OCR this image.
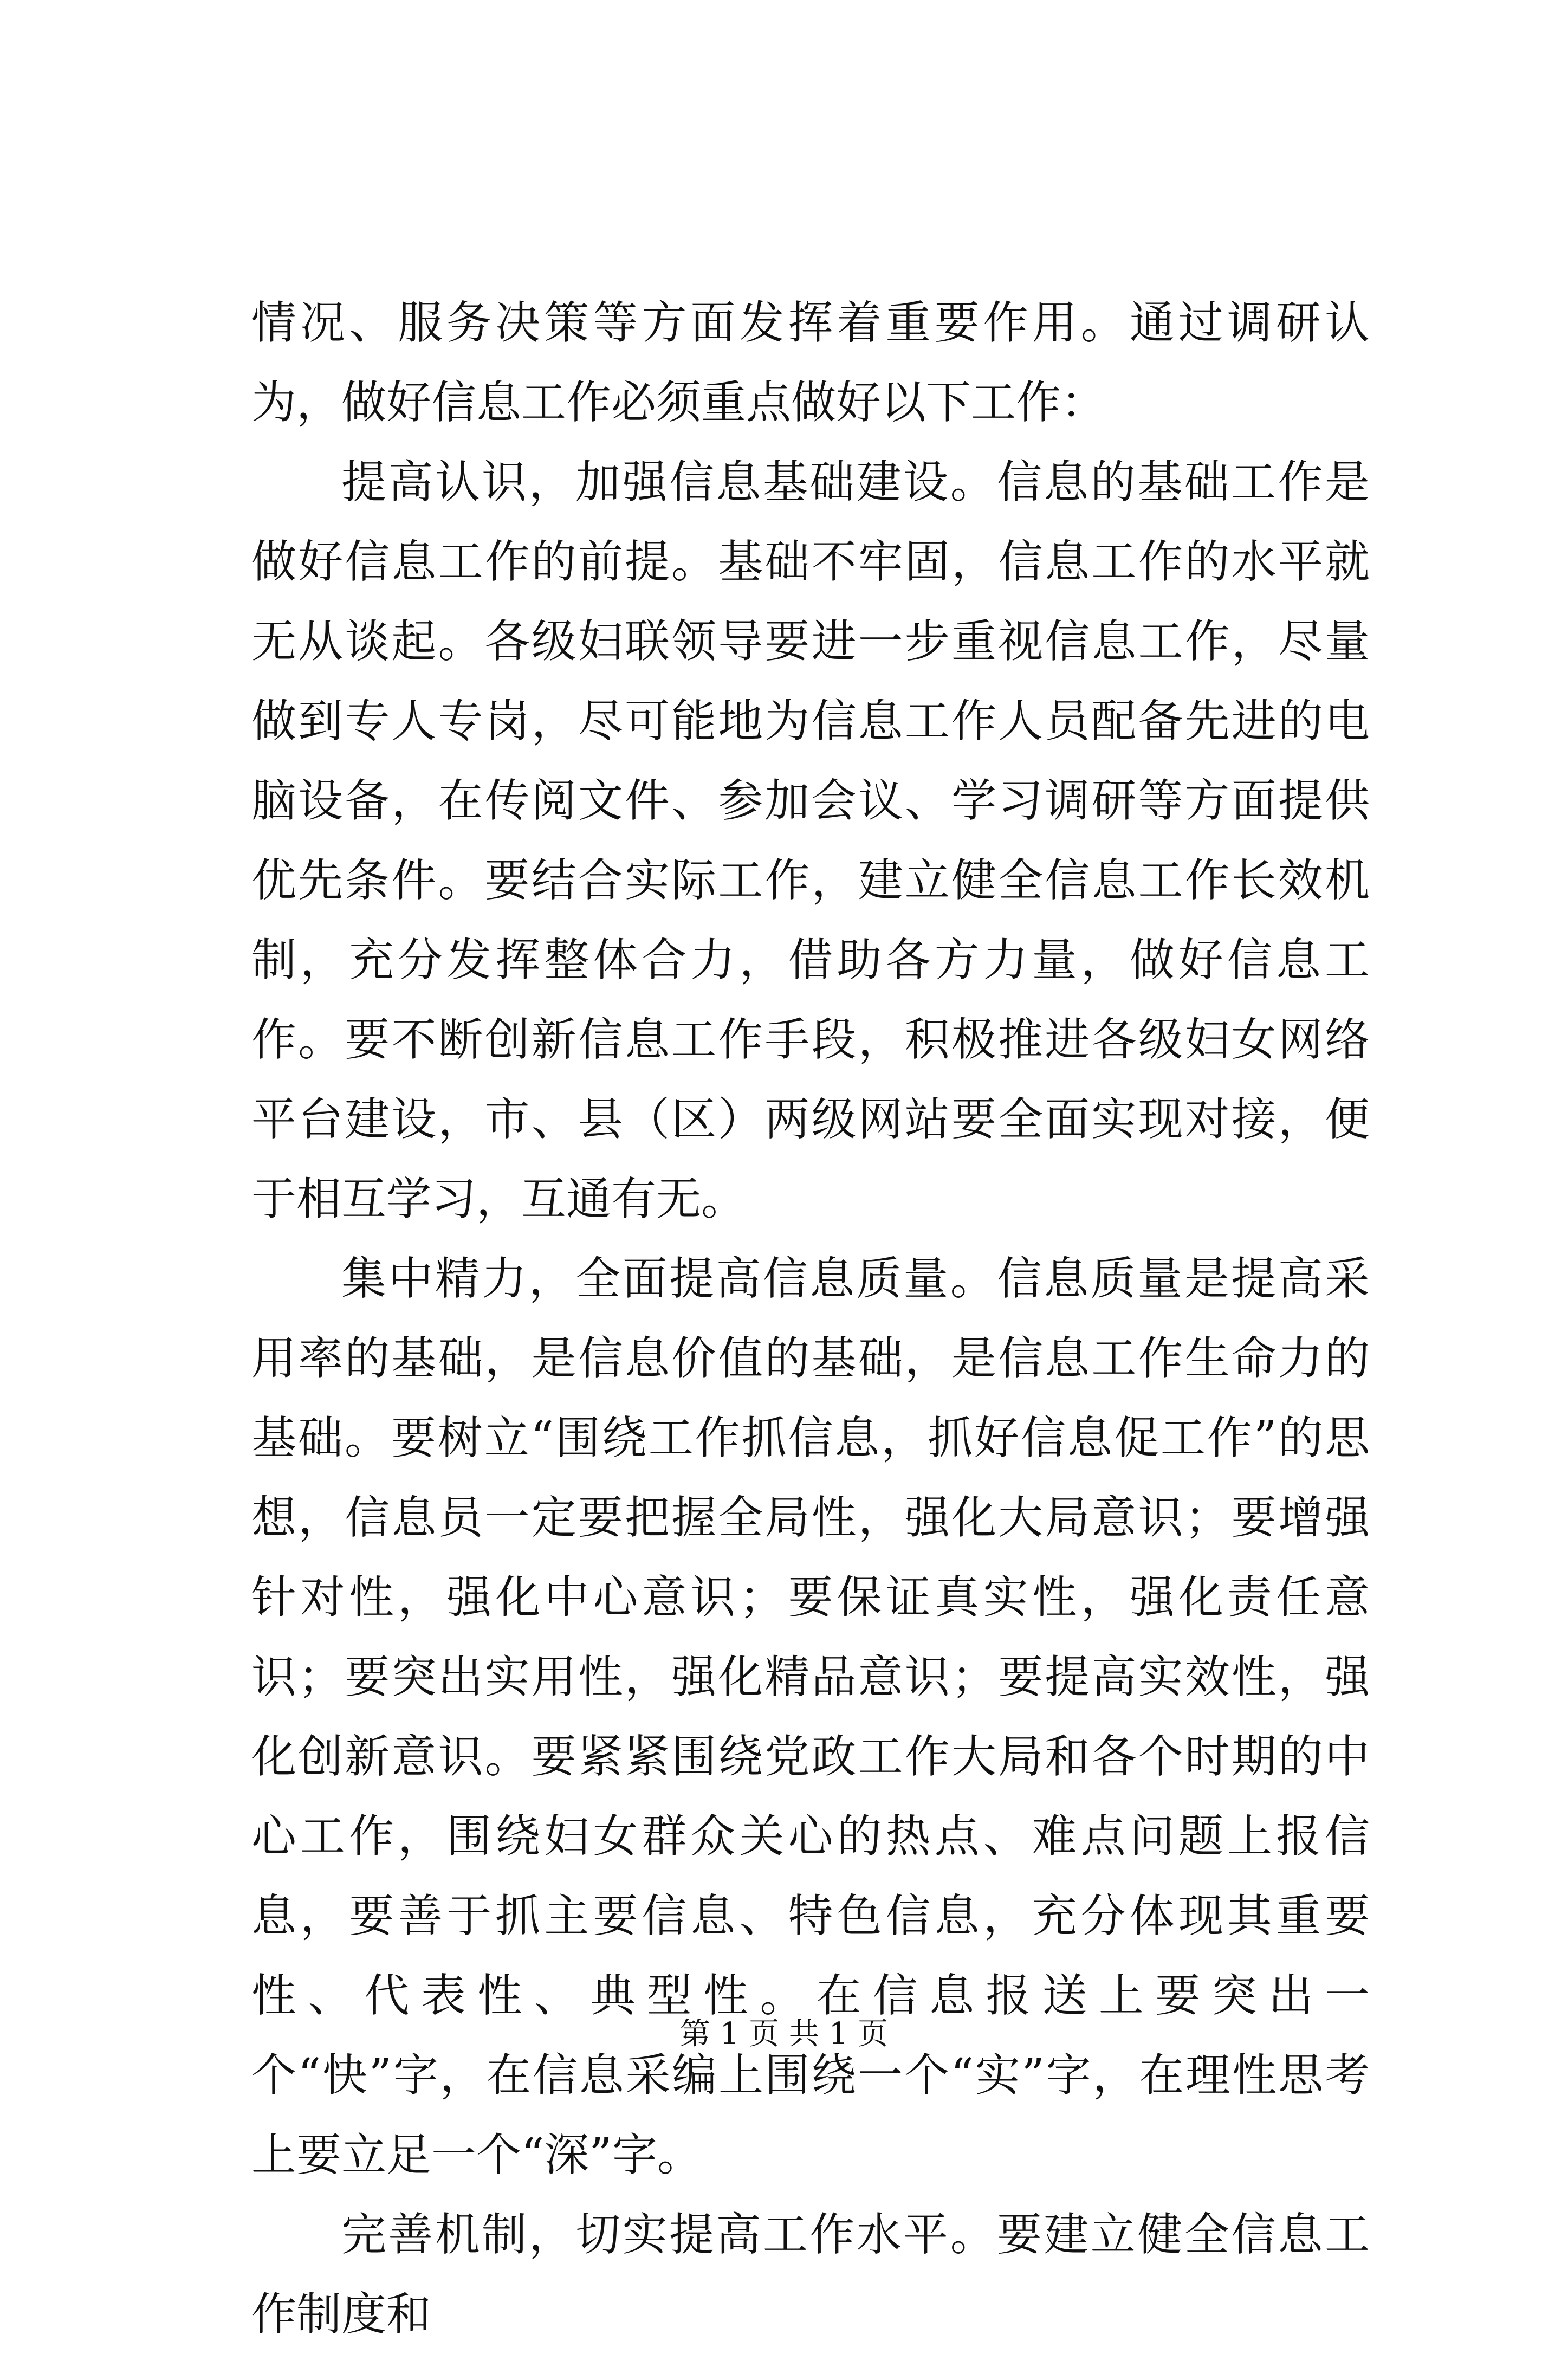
情况、服务决策等方面发挥着重要作用。通过调研认为，做好信息工作必须重点做好以下工作：

提高认识，加强信息基础建设。信息的基础工作是做好信息工作的前提。基础不牢固，信息工作的水平就无从谈起。各级妇联领导要进一步重视信息工作，尽量做到专人专岗，尽可能地为信息工作人员配备先进的电脑设备，在传阅文件、参加会议、学习调研等方面提供优先条件。要结合实际工作，建立健全信息工作长效机制，充分发挥整体合力，借助各方力量，做好信息工作。要不断创新信息工作手段，积极推进各级妇女网络平台建设，市、县（区）两级网站要全面实现对接，便于相互学习，互通有无。

集中精力，全面提高信息质量。信息质量是提高采用率的基础，是信息价值的基础，是信息工作生命力的基础。要树立“围绕工作抓信息，抓好信息促工作”的思想，信息员一定要把握全局性，强化大局意识；要增强针对性，强化中心意识；要保证真实性，强化责任意识；要突出实用性，强化精品意识；要提高实效性，强化创新意识。要紧紧围绕党政工作大局和各个时期的中心工作，围绕妇女群众关心的热点、难点问题上报信息，要善于抓主要信息、特色信息，充分体现其重要性、代表性、典型性。在信息报送上要突出一个“快”字，在信息采编上围绕一个“实”字，在理性思考上要立足一个“深”字。

完善机制，切实提高工作水平。要建立健全信息工作制度和

第 1 页 共 1 页
